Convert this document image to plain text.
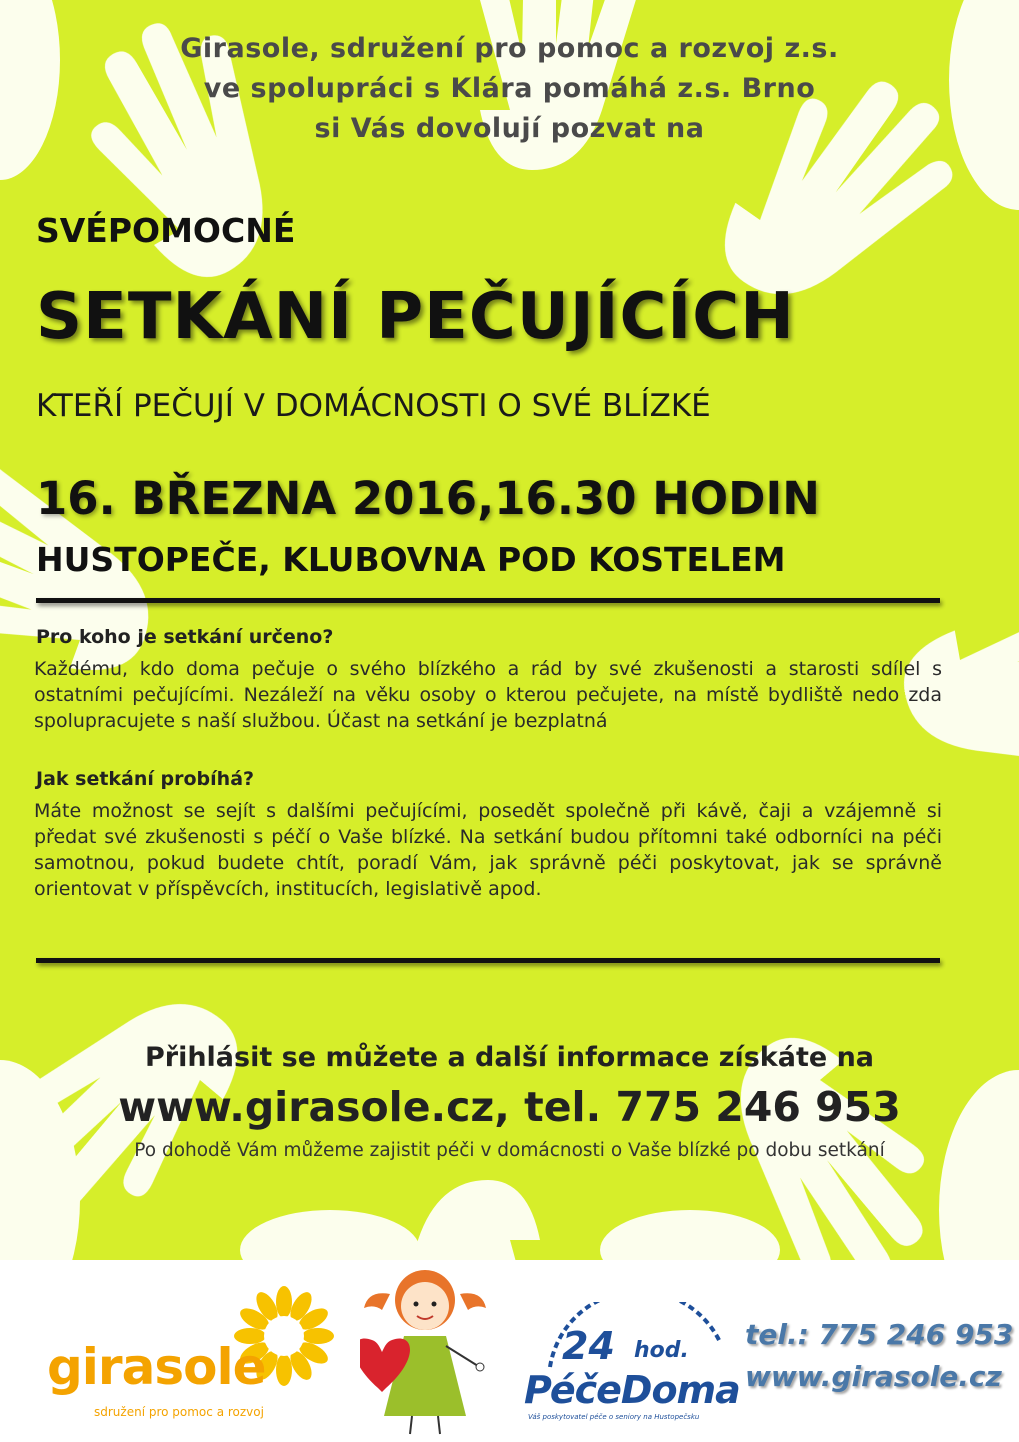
Girasole, sdružení pro pomoc a rozvoj z.s.
ve spolupráci s Klára pomáhá z.s. Brno
si Vás dovolují pozvat na
SVÉPOMOCNÉ
SETKÁNÍ PEČUJÍCÍCH
KTEŘÍ PEČUJÍ V DOMÁCNOSTI O SVÉ BLÍZKÉ
16. BŘEZNA 2016,16.30 HODIN
HUSTOPEČE, KLUBOVNA POD KOSTELEM
Pro koho je setkání určeno?
Každému, kdo doma pečuje o svého blízkého a rád by své zkušenosti a starosti sdílel s ostatními pečujícími. Nezáleží na věku osoby o kterou pečujete, na místě bydliště nedo zda spolupracujete s naší službou. Účast na setkání je bezplatná
Jak setkání probíhá?
Máte možnost se sejít s dalšími pečujícími, posedět společně při kávě, čaji a vzájemně si předat své zkušenosti s péčí o Vaše blízké. Na setkání budou přítomni také odborníci na péči samotnou, pokud budete chtít, poradí Vám, jak správně péči poskytovat, jak se správně orientovat v příspěvcích, institucích, legislativě apod.
Přihlásit se můžete a další informace získáte na
www.girasole.cz, tel. 775 246 953
Po dohodě Vám můžeme zajistit péči v domácnosti o Vaše blízké po dobu setkání
girasole
sdružení pro pomoc a rozvoj
24 hod.
PéčeDoma
Váš poskytovatel péče o seniory na Hustopečsku
tel.: 775 246 953
www.girasole.cz
